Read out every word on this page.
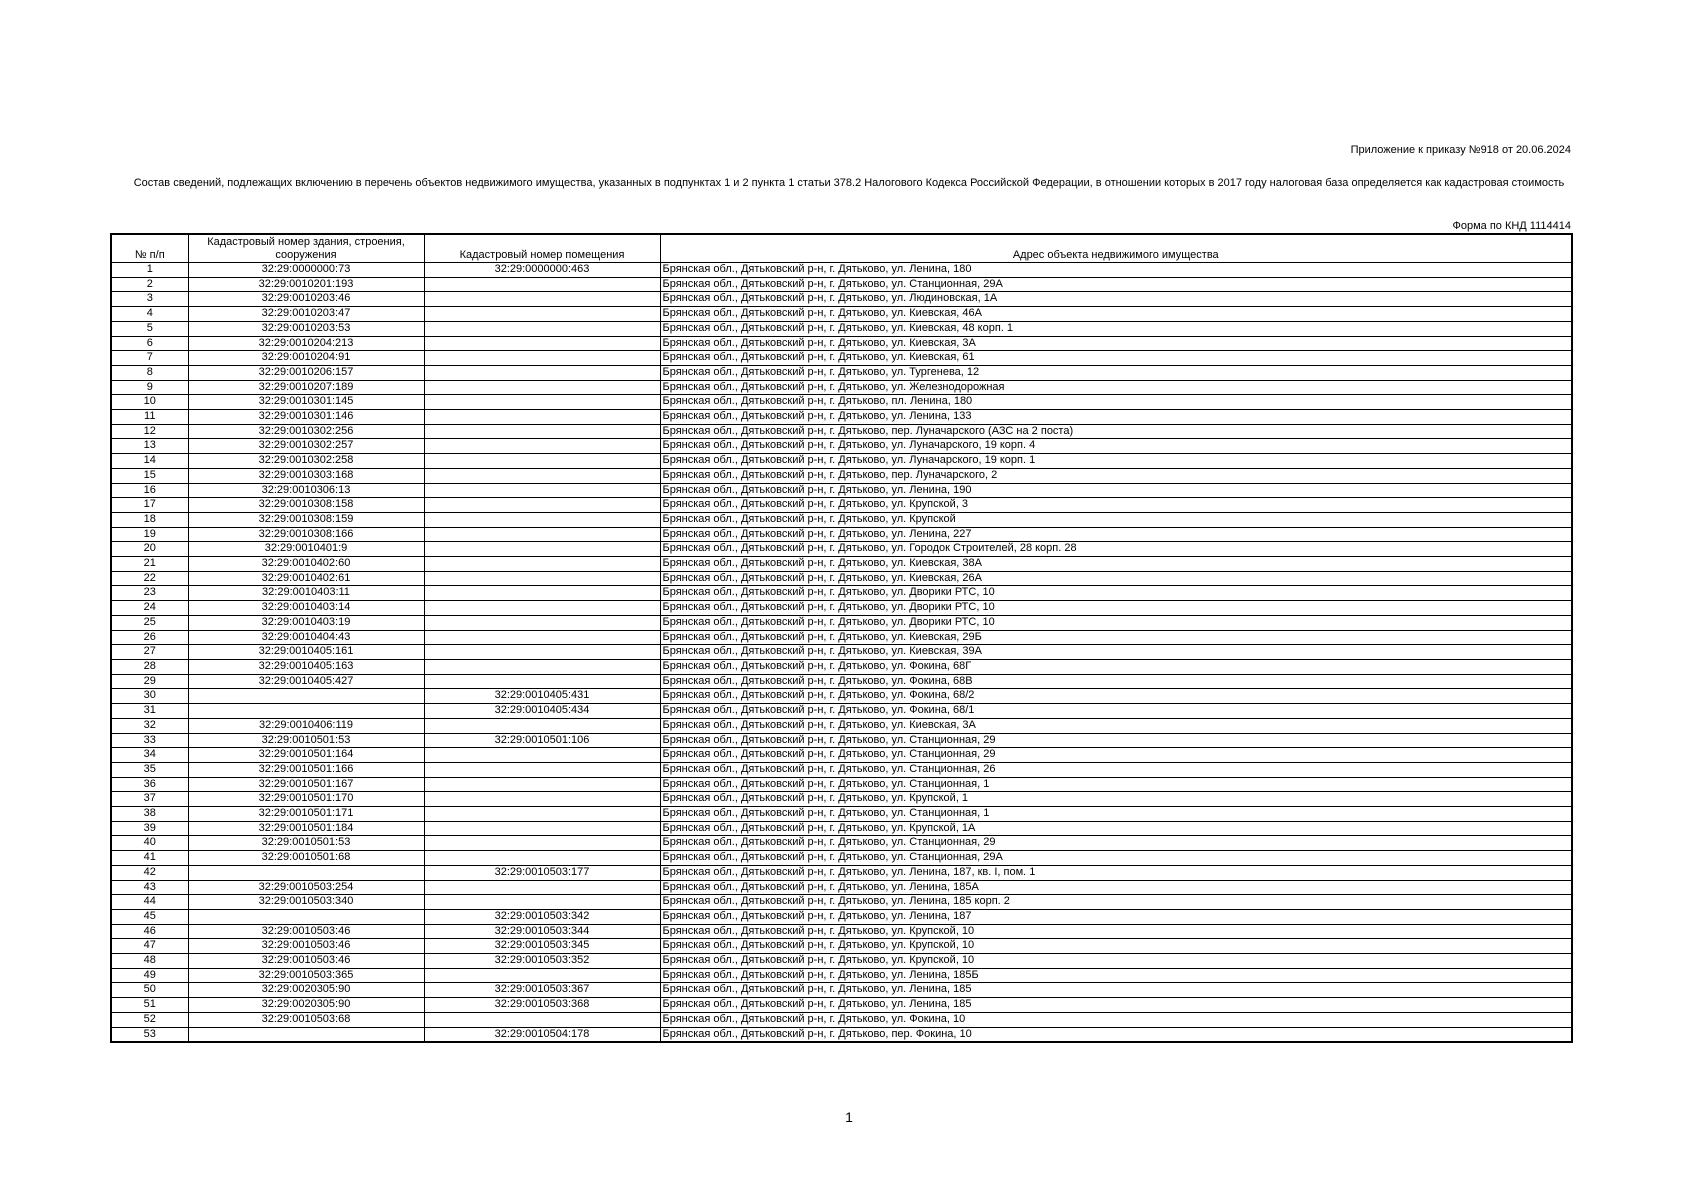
Приложение к приказу №918 от 20.06.2024
Состав сведений, подлежащих включению в перечень объектов недвижимого имущества, указанных в подпунктах 1 и 2 пункта 1 статьи 378.2 Налогового Кодекса Российской Федерации, в отношении которых в 2017 году налоговая база определяется как кадастровая стоимость
Форма по КНД 1114414
№ п/п	Кадастровый номер здания, строения, сооружения	Кадастровый номер помещения	Адрес объекта недвижимого имущества
1	32:29:0000000:73	32:29:0000000:463	Брянская обл., Дятьковский р-н, г. Дятьково, ул. Ленина, 180
2	32:29:0010201:193		Брянская обл., Дятьковский р-н, г. Дятьково, ул. Станционная, 29А
3	32:29:0010203:46		Брянская обл., Дятьковский р-н, г. Дятьково, ул. Людиновская, 1А
4	32:29:0010203:47		Брянская обл., Дятьковский р-н, г. Дятьково, ул. Киевская, 46А
5	32:29:0010203:53		Брянская обл., Дятьковский р-н, г. Дятьково, ул. Киевская, 48 корп. 1
6	32:29:0010204:213		Брянская обл., Дятьковский р-н, г. Дятьково, ул. Киевская, 3А
7	32:29:0010204:91		Брянская обл., Дятьковский р-н, г. Дятьково, ул. Киевская, 61
8	32:29:0010206:157		Брянская обл., Дятьковский р-н, г. Дятьково, ул. Тургенева, 12
9	32:29:0010207:189		Брянская обл., Дятьковский р-н, г. Дятьково, ул. Железнодорожная
10	32:29:0010301:145		Брянская обл., Дятьковский р-н, г. Дятьково, пл. Ленина, 180
11	32:29:0010301:146		Брянская обл., Дятьковский р-н, г. Дятьково, ул. Ленина, 133
12	32:29:0010302:256		Брянская обл., Дятьковский р-н, г. Дятьково, пер. Луначарского (АЗС на 2 поста)
13	32:29:0010302:257		Брянская обл., Дятьковский р-н, г. Дятьково, ул. Луначарского, 19 корп. 4
14	32:29:0010302:258		Брянская обл., Дятьковский р-н, г. Дятьково, ул. Луначарского, 19 корп. 1
15	32:29:0010303:168		Брянская обл., Дятьковский р-н, г. Дятьково, пер. Луначарского, 2
16	32:29:0010306:13		Брянская обл., Дятьковский р-н, г. Дятьково, ул. Ленина, 190
17	32:29:0010308:158		Брянская обл., Дятьковский р-н, г. Дятьково, ул. Крупской, 3
18	32:29:0010308:159		Брянская обл., Дятьковский р-н, г. Дятьково, ул. Крупской
19	32:29:0010308:166		Брянская обл., Дятьковский р-н, г. Дятьково, ул. Ленина, 227
20	32:29:0010401:9		Брянская обл., Дятьковский р-н, г. Дятьково, ул. Городок Строителей, 28 корп. 28
21	32:29:0010402:60		Брянская обл., Дятьковский р-н, г. Дятьково, ул. Киевская, 38А
22	32:29:0010402:61		Брянская обл., Дятьковский р-н, г. Дятьково, ул. Киевская, 26А
23	32:29:0010403:11		Брянская обл., Дятьковский р-н, г. Дятьково, ул. Дворики РТС, 10
24	32:29:0010403:14		Брянская обл., Дятьковский р-н, г. Дятьково, ул. Дворики РТС, 10
25	32:29:0010403:19		Брянская обл., Дятьковский р-н, г. Дятьково, ул. Дворики РТС, 10
26	32:29:0010404:43		Брянская обл., Дятьковский р-н, г. Дятьково, ул. Киевская, 29Б
27	32:29:0010405:161		Брянская обл., Дятьковский р-н, г. Дятьково, ул. Киевская, 39А
28	32:29:0010405:163		Брянская обл., Дятьковский р-н, г. Дятьково, ул. Фокина, 68Г
29	32:29:0010405:427		Брянская обл., Дятьковский р-н, г. Дятьково, ул. Фокина, 68В
30		32:29:0010405:431	Брянская обл., Дятьковский р-н, г. Дятьково, ул. Фокина, 68/2
31		32:29:0010405:434	Брянская обл., Дятьковский р-н, г. Дятьково, ул. Фокина, 68/1
32	32:29:0010406:119		Брянская обл., Дятьковский р-н, г. Дятьково, ул. Киевская, 3А
33	32:29:0010501:53	32:29:0010501:106	Брянская обл., Дятьковский р-н, г. Дятьково, ул. Станционная, 29
34	32:29:0010501:164		Брянская обл., Дятьковский р-н, г. Дятьково, ул. Станционная, 29
35	32:29:0010501:166		Брянская обл., Дятьковский р-н, г. Дятьково, ул. Станционная, 26
36	32:29:0010501:167		Брянская обл., Дятьковский р-н, г. Дятьково, ул. Станционная, 1
37	32:29:0010501:170		Брянская обл., Дятьковский р-н, г. Дятьково, ул. Крупской, 1
38	32:29:0010501:171		Брянская обл., Дятьковский р-н, г. Дятьково, ул. Станционная, 1
39	32:29:0010501:184		Брянская обл., Дятьковский р-н, г. Дятьково, ул. Крупской, 1А
40	32:29:0010501:53		Брянская обл., Дятьковский р-н, г. Дятьково, ул. Станционная, 29
41	32:29:0010501:68		Брянская обл., Дятьковский р-н, г. Дятьково, ул. Станционная, 29А
42		32:29:0010503:177	Брянская обл., Дятьковский р-н, г. Дятьково, ул. Ленина, 187, кв. I, пом. 1
43	32:29:0010503:254		Брянская обл., Дятьковский р-н, г. Дятьково, ул. Ленина, 185А
44	32:29:0010503:340		Брянская обл., Дятьковский р-н, г. Дятьково, ул. Ленина, 185 корп. 2
45		32:29:0010503:342	Брянская обл., Дятьковский р-н, г. Дятьково, ул. Ленина, 187
46	32:29:0010503:46	32:29:0010503:344	Брянская обл., Дятьковский р-н, г. Дятьково, ул. Крупской, 10
47	32:29:0010503:46	32:29:0010503:345	Брянская обл., Дятьковский р-н, г. Дятьково, ул. Крупской, 10
48	32:29:0010503:46	32:29:0010503:352	Брянская обл., Дятьковский р-н, г. Дятьково, ул. Крупской, 10
49	32:29:0010503:365		Брянская обл., Дятьковский р-н, г. Дятьково, ул. Ленина, 185Б
50	32:29:0020305:90	32:29:0010503:367	Брянская обл., Дятьковский р-н, г. Дятьково, ул. Ленина, 185
51	32:29:0020305:90	32:29:0010503:368	Брянская обл., Дятьковский р-н, г. Дятьково, ул. Ленина, 185
52	32:29:0010503:68		Брянская обл., Дятьковский р-н, г. Дятьково, ул. Фокина, 10
53		32:29:0010504:178	Брянская обл., Дятьковский р-н, г. Дятьково, пер. Фокина, 10
1
